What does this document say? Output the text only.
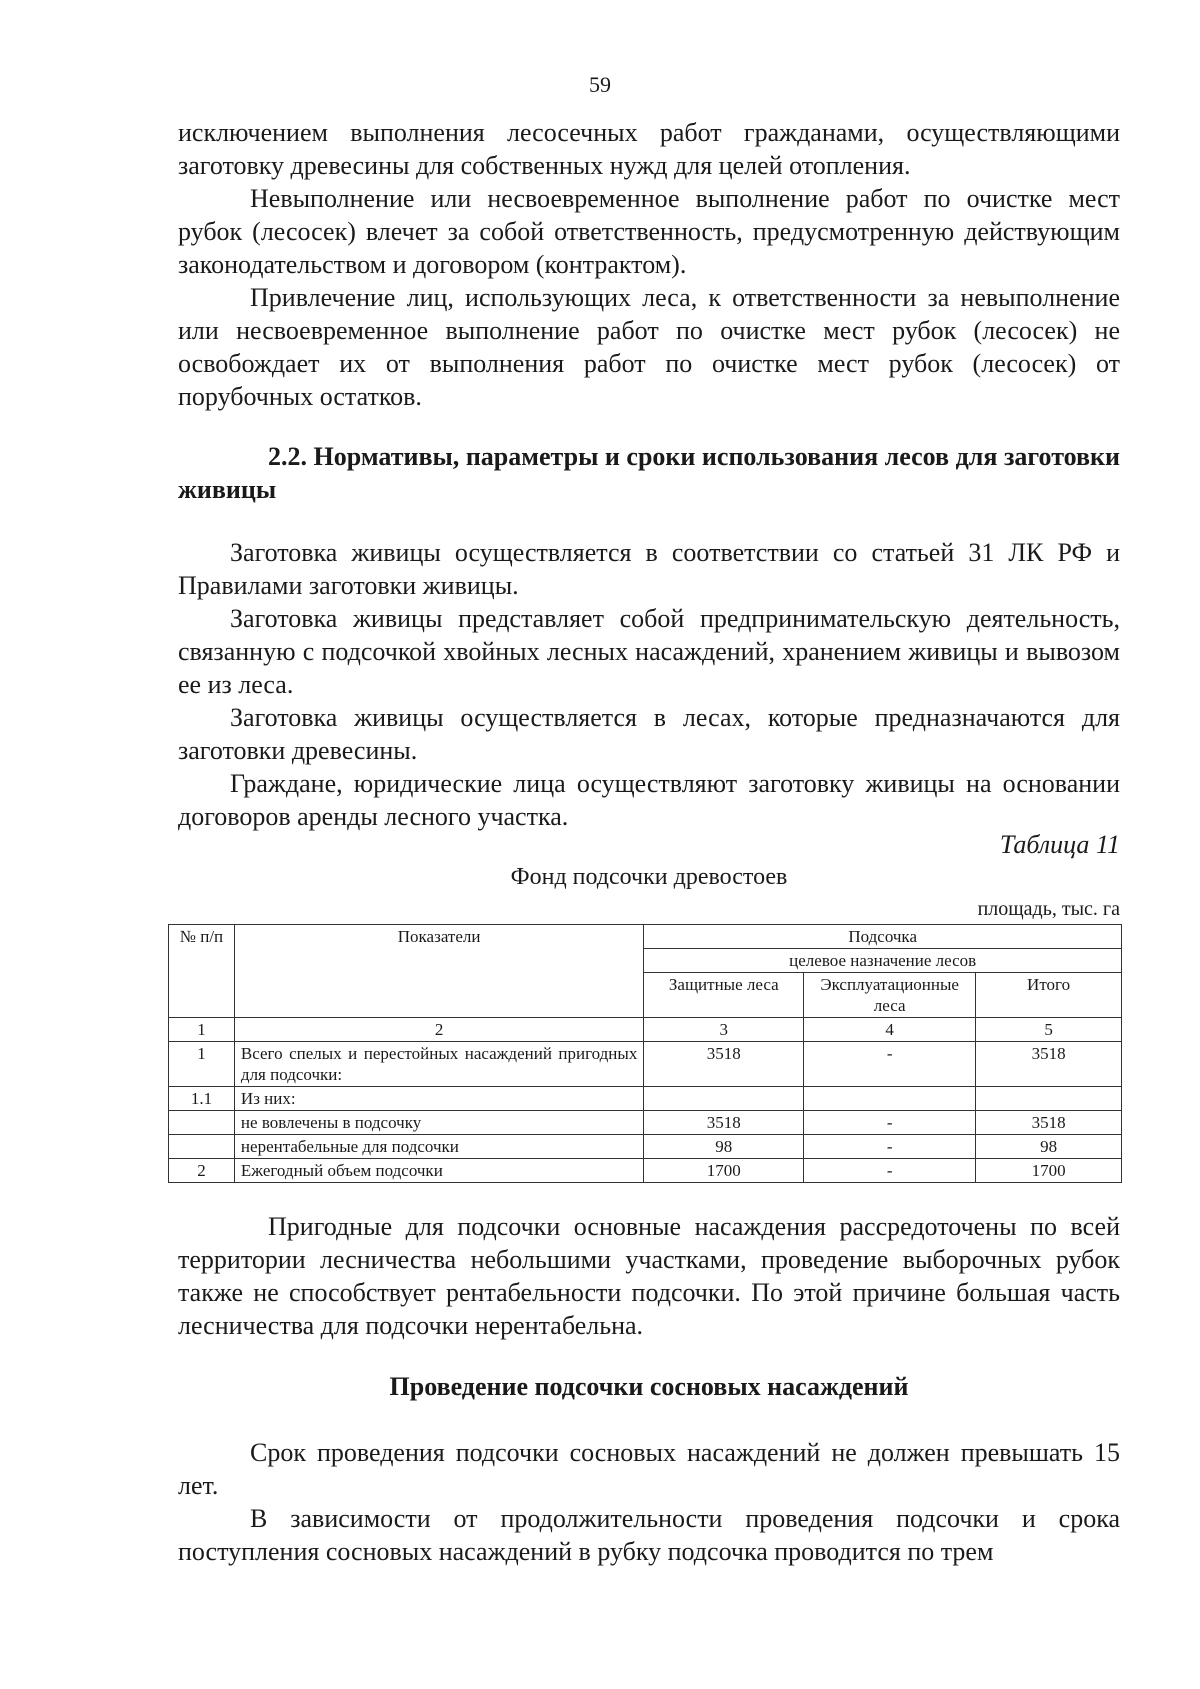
59

исключением выполнения лесосечных работ гражданами, осуществляющими заготовку древесины для собственных нужд для целей отопления.

Невыполнение или несвоевременное выполнение работ по очистке мест рубок (лесосек) влечет за собой ответственность, предусмотренную действующим законодательством и договором (контрактом).

Привлечение лиц, использующих леса, к ответственности за невыполнение или несвоевременное выполнение работ по очистке мест рубок (лесосек) не освобождает их от выполнения работ по очистке мест рубок (лесосек) от порубочных остатков.

2.2. Нормативы, параметры и сроки использования лесов для заготовки живицы

Заготовка живицы осуществляется в соответствии со статьей 31 ЛК РФ и Правилами заготовки живицы.

Заготовка живицы представляет собой предпринимательскую деятельность, связанную с подсочкой хвойных лесных насаждений, хранением живицы и вывозом ее из леса.

Заготовка живицы осуществляется в лесах, которые предназначаются для заготовки древесины.

Граждане, юридические лица осуществляют заготовку живицы на основании договоров аренды лесного участка.

Таблица 11
Фонд подсочки древостоев
площадь, тыс. га
№ п/п	Показатели	Подсочка		
		целевое назначение лесов		
		Защитные леса	Эксплуатационные леса	Итого
1	2	3	4	5
1	Всего спелых и перестойных насаждений пригодных для подсочки:	3518	-	3518
1.1	Из них:			
	не вовлечены в подсочку	3518	-	3518
	нерентабельные для подсочки	98	-	98
2	Ежегодный объем подсочки	1700	-	1700

Пригодные для подсочки основные насаждения рассредоточены по всей территории лесничества небольшими участками, проведение выборочных рубок также не способствует рентабельности подсочки. По этой причине большая часть лесничества для подсочки нерентабельна.

Проведение подсочки сосновых насаждений

Срок проведения подсочки сосновых насаждений не должен превышать 15 лет.

В зависимости от продолжительности проведения подсочки и срока поступления сосновых насаждений в рубку подсочка проводится по трем
